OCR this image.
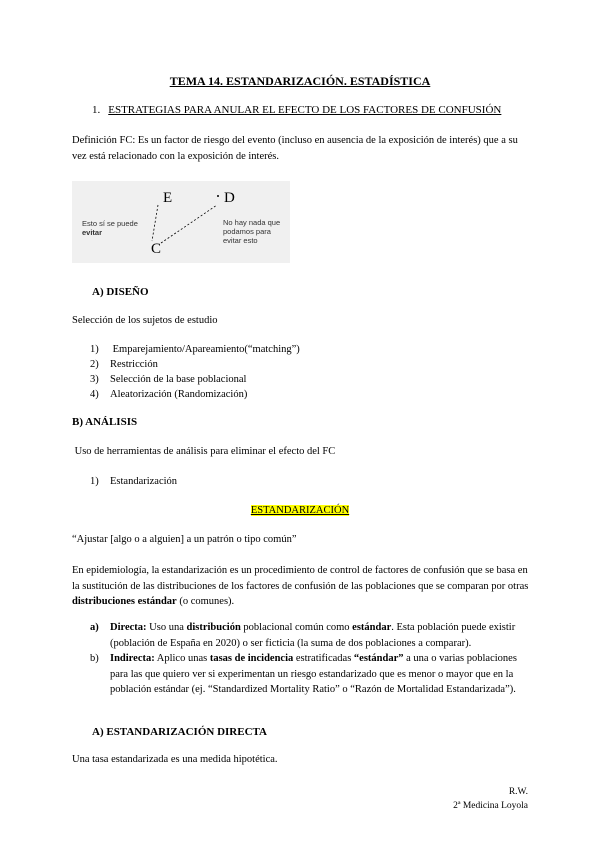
TEMA 14. ESTANDARIZACIÓN. ESTADÍSTICA
1. ESTRATEGIAS PARA ANULAR EL EFECTO DE LOS FACTORES DE CONFUSIÓN
Definición FC: Es un factor de riesgo del evento (incluso en ausencia de la exposición de interés) que a su vez está relacionado con la exposición de interés.
E	D
C
Esto sí se puede
evitar
No hay nada que
podamos para
evitar esto
A) DISEÑO
Selección de los sujetos de estudio
1) Emparejamiento/Apareamiento(“matching”)
2) Restricción
3) Selección de la base poblacional
4) Aleatorización (Randomización)
B) ANÁLISIS
Uso de herramientas de análisis para eliminar el efecto del FC
1) Estandarización
ESTANDARIZACIÓN
“Ajustar [algo o a alguien] a un patrón o tipo común”
En epidemiología, la estandarización es un procedimiento de control de factores de confusión que se basa en la sustitución de las distribuciones de los factores de confusión de las poblaciones que se comparan por otras distribuciones estándar (o comunes).
a) Directa: Uso una distribución poblacional común como estándar. Esta población puede existir (población de España en 2020) o ser ficticia (la suma de dos poblaciones a comparar).
b) Indirecta: Aplico unas tasas de incidencia estratificadas “estándar” a una o varias poblaciones para las que quiero ver si experimentan un riesgo estandarizado que es menor o mayor que en la población estándar (ej. “Standardized Mortality Ratio” o “Razón de Mortalidad Estandarizada”).
A) ESTANDARIZACIÓN DIRECTA
Una tasa estandarizada es una medida hipotética.
R.W.
2ª Medicina Loyola
